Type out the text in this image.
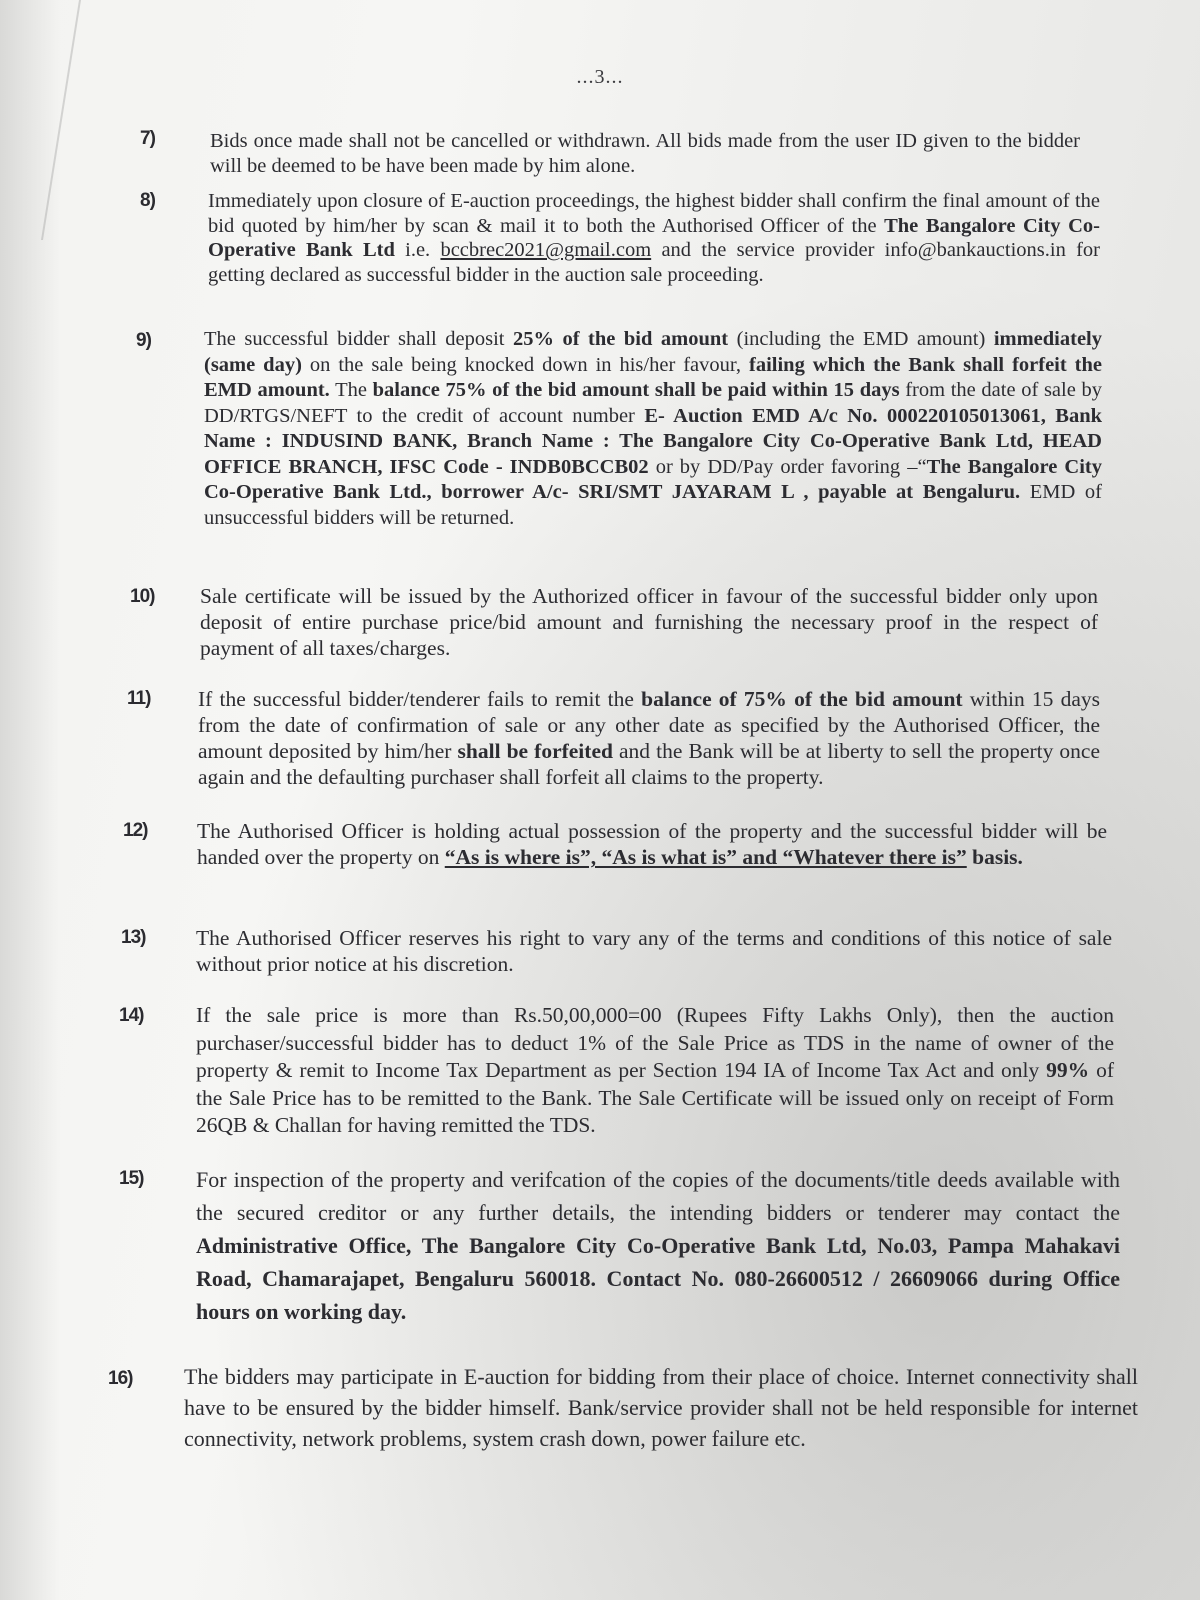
...3...
7)	Bids once made shall not be cancelled or withdrawn. All bids made from the user ID given to the bidder will be deemed to be have been made by him alone.
8)	Immediately upon closure of E-auction proceedings, the highest bidder shall confirm the final amount of the bid quoted by him/her by scan & mail it to both the Authorised Officer of the The Bangalore City Co-Operative Bank Ltd i.e. bccbrec2021@gmail.com and the service provider info@bankauctions.in for getting declared as successful bidder in the auction sale proceeding.
9)	The successful bidder shall deposit 25% of the bid amount (including the EMD amount) immediately (same day) on the sale being knocked down in his/her favour, failing which the Bank shall forfeit the EMD amount. The balance 75% of the bid amount shall be paid within 15 days from the date of sale by DD/RTGS/NEFT to the credit of account number E- Auction EMD A/c No. 000220105013061, Bank Name : INDUSIND BANK, Branch Name : The Bangalore City Co-Operative Bank Ltd, HEAD OFFICE BRANCH, IFSC Code - INDB0BCCB02 or by DD/Pay order favoring –“The Bangalore City Co-Operative Bank Ltd., borrower A/c- SRI/SMT JAYARAM L , payable at Bengaluru. EMD of unsuccessful bidders will be returned.
10) Sale certificate will be issued by the Authorized officer in favour of the successful bidder only upon deposit of entire purchase price/bid amount and furnishing the necessary proof in the respect of payment of all taxes/charges.
11) If the successful bidder/tenderer fails to remit the balance of 75% of the bid amount within 15 days from the date of confirmation of sale or any other date as specified by the Authorised Officer, the amount deposited by him/her shall be forfeited and the Bank will be at liberty to sell the property once again and the defaulting purchaser shall forfeit all claims to the property.
12) The Authorised Officer is holding actual possession of the property and the successful bidder will be handed over the property on “As is where is”, “As is what is” and “Whatever there is” basis.
13) The Authorised Officer reserves his right to vary any of the terms and conditions of this notice of sale without prior notice at his discretion.
14) If the sale price is more than Rs.50,00,000=00 (Rupees Fifty Lakhs Only), then the auction purchaser/successful bidder has to deduct 1% of the Sale Price as TDS in the name of owner of the property & remit to Income Tax Department as per Section 194 IA of Income Tax Act and only 99% of the Sale Price has to be remitted to the Bank. The Sale Certificate will be issued only on receipt of Form 26QB & Challan for having remitted the TDS.
15) For inspection of the property and verifcation of the copies of the documents/title deeds available with the secured creditor or any further details, the intending bidders or tenderer may contact the Administrative Office, The Bangalore City Co-Operative Bank Ltd, No.03, Pampa Mahakavi Road, Chamarajapet, Bengaluru 560018. Contact No. 080-26600512 / 26609066 during Office hours on working day.
16) The bidders may participate in E-auction for bidding from their place of choice. Internet connectivity shall have to be ensured by the bidder himself. Bank/service provider shall not be held responsible for internet connectivity, network problems, system crash down, power failure etc.
